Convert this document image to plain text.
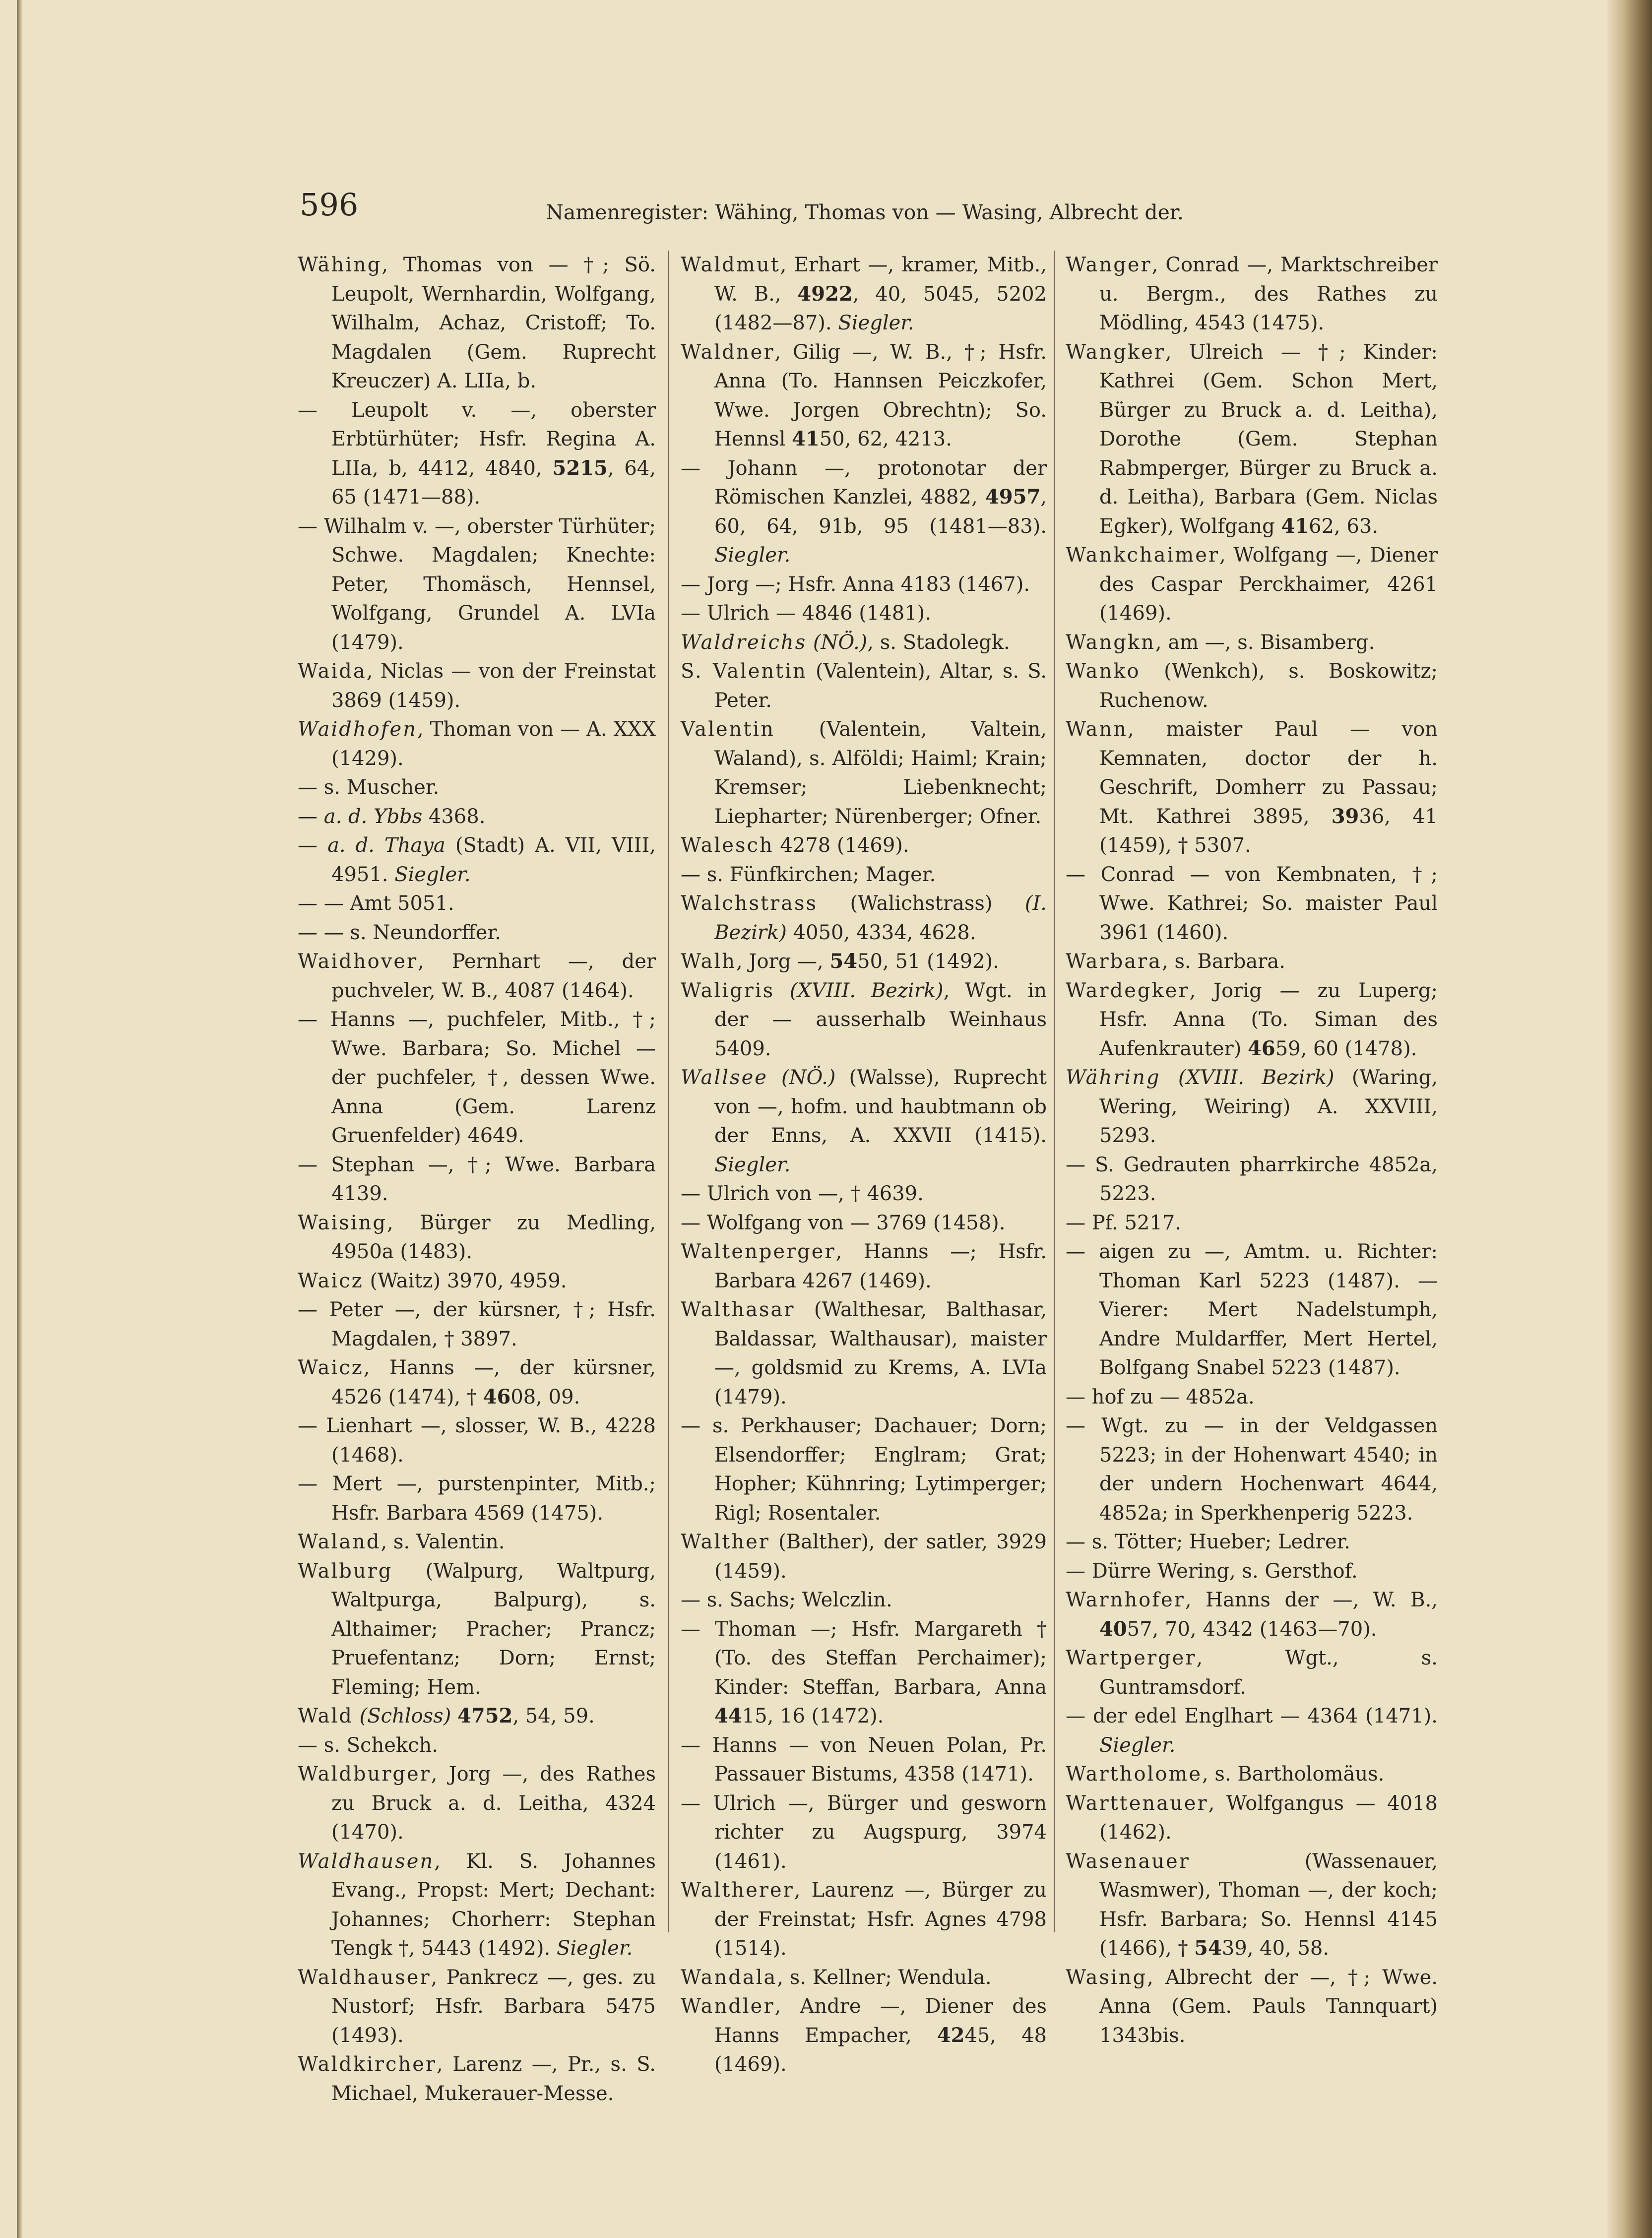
596	Namenregister: Wähing, Thomas von — Wasing, Albrecht der.

Wähing, Thomas von — †; Sö. Leupolt, Wernhardin, Wolfgang, Wilhalm, Achaz, Cristoff; To. Magdalen (Gem. Ruprecht Kreuczer) A. LIIa, b.

— Leupolt v. —, oberster Erbtürhüter; Hsfr. Regina A. LIIa, b, 4412, 4840, 5215, 64, 65 (1471—88).

— Wilhalm v. —, oberster Türhüter; Schwe. Magdalen; Knechte: Peter, Thomäsch, Hennsel, Wolfgang, Grundel A. LVIa (1479).

Waida, Niclas — von der Freinstat 3869 (1459).

Waidhofen, Thoman von — A. XXX (1429).

— s. Muscher.

— a. d. Ybbs 4368.

— a. d. Thaya (Stadt) A. VII, VIII, 4951. Siegler.

— — Amt 5051.

— — s. Neundorffer.

Waidhover, Pernhart —, der puchveler, W. B., 4087 (1464).

— Hanns —, puchfeler, Mitb., †; Wwe. Barbara; So. Michel — der puchfeler, †, dessen Wwe. Anna (Gem. Larenz Gruenfelder) 4649.

— Stephan —, †; Wwe. Barbara 4139.

Waising, Bürger zu Medling, 4950a (1483).

Waicz (Waitz) 3970, 4959.

— Peter —, der kürsner, †; Hsfr. Magdalen, † 3897.

Waicz, Hanns —, der kürsner, 4526 (1474), † 4608, 09.

— Lienhart —, slosser, W. B., 4228 (1468).

— Mert —, purstenpinter, Mitb.; Hsfr. Barbara 4569 (1475).

Waland, s. Valentin.

Walburg (Walpurg, Waltpurg, Waltpurga, Balpurg), s. Althaimer; Pracher; Prancz; Pruefentanz; Dorn; Ernst; Fleming; Hem.

Wald (Schloss) 4752, 54, 59.

— s. Schekch.

Waldburger, Jorg —, des Rathes zu Bruck a. d. Leitha, 4324 (1470).

Waldhausen, Kl. S. Johannes Evang., Propst: Mert; Dechant: Johannes; Chorherr: Stephan Tengk †, 5443 (1492). Siegler.

Waldhauser, Pankrecz —, ges. zu Nustorf; Hsfr. Barbara 5475 (1493).

Waldkircher, Larenz —, Pr., s. S. Michael, Mukerauer-Messe.

Waldmut, Erhart —, kramer, Mitb., W. B., 4922, 40, 5045, 5202 (1482—87). Siegler.

Waldner, Gilig —, W. B., †; Hsfr. Anna (To. Hannsen Peiczkofer, Wwe. Jorgen Obrechtn); So. Hennsl 4150, 62, 4213.

— Johann —, protonotar der Römischen Kanzlei, 4882, 4957, 60, 64, 91b, 95 (1481—83). Siegler.

— Jorg —; Hsfr. Anna 4183 (1467).

— Ulrich — 4846 (1481).

Waldreichs (NÖ.), s. Stadolegk.

S. Valentin (Valentein), Altar, s. S. Peter.

Valentin (Valentein, Valtein, Waland), s. Alföldi; Haiml; Krain; Kremser; Liebenknecht; Liepharter; Nürenberger; Ofner.

Walesch 4278 (1469).

— s. Fünfkirchen; Mager.

Walchstrass (Walichstrass) (I. Bezirk) 4050, 4334, 4628.

Walh, Jorg —, 5450, 51 (1492).

Waligris (XVIII. Bezirk), Wgt. in der — ausserhalb Weinhaus 5409.

Wallsee (NÖ.) (Walsse), Ruprecht von —, hofm. und haubtmann ob der Enns, A. XXVII (1415). Siegler.

— Ulrich von —, † 4639.

— Wolfgang von — 3769 (1458).

Waltenperger, Hanns —; Hsfr. Barbara 4267 (1469).

Walthasar (Walthesar, Balthasar, Baldassar, Walthausar), maister —, goldsmid zu Krems, A. LVIa (1479).

— s. Perkhauser; Dachauer; Dorn; Elsendorffer; Englram; Grat; Hopher; Kühnring; Lytimperger; Rigl; Rosentaler.

Walther (Balther), der satler, 3929 (1459).

— s. Sachs; Welczlin.

— Thoman —; Hsfr. Margareth † (To. des Steffan Perchaimer); Kinder: Steffan, Barbara, Anna 4415, 16 (1472).

— Hanns — von Neuen Polan, Pr. Passauer Bistums, 4358 (1471).

— Ulrich —, Bürger und gesworn richter zu Augspurg, 3974 (1461).

Waltherer, Laurenz —, Bürger zu der Freinstat; Hsfr. Agnes 4798 (1514).

Wandala, s. Kellner; Wendula.

Wandler, Andre —, Diener des Hanns Empacher, 4245, 48 (1469).

Wanger, Conrad —, Marktschreiber u. Bergm., des Rathes zu Mödling, 4543 (1475).

Wangker, Ulreich — †; Kinder: Kathrei (Gem. Schon Mert, Bürger zu Bruck a. d. Leitha), Dorothe (Gem. Stephan Rabmperger, Bürger zu Bruck a. d. Leitha), Barbara (Gem. Niclas Egker), Wolfgang 4162, 63.

Wankchaimer, Wolfgang —, Diener des Caspar Perckhaimer, 4261 (1469).

Wangkn, am —, s. Bisamberg.

Wanko (Wenkch), s. Boskowitz; Ruchenow.

Wann, maister Paul — von Kemnaten, doctor der h. Geschrift, Domherr zu Passau; Mt. Kathrei 3895, 3936, 41 (1459), † 5307.

— Conrad — von Kembnaten, †; Wwe. Kathrei; So. maister Paul 3961 (1460).

Warbara, s. Barbara.

Wardegker, Jorig — zu Luperg; Hsfr. Anna (To. Siman des Aufenkrauter) 4659, 60 (1478).

Währing (XVIII. Bezirk) (Waring, Wering, Weiring) A. XXVIII, 5293.

— S. Gedrauten pharrkirche 4852a, 5223.

— Pf. 5217.

— aigen zu —, Amtm. u. Richter: Thoman Karl 5223 (1487). — Vierer: Mert Nadelstumph, Andre Muldarffer, Mert Hertel, Bolfgang Snabel 5223 (1487).

— hof zu — 4852a.

— Wgt. zu — in der Veldgassen 5223; in der Hohenwart 4540; in der undern Hochenwart 4644, 4852a; in Sperkhenperig 5223.

— s. Tötter; Hueber; Ledrer.

— Dürre Wering, s. Gersthof.

Warnhofer, Hanns der —, W. B., 4057, 70, 4342 (1463—70).

Wartperger, Wgt., s. Guntramsdorf.

— der edel Englhart — 4364 (1471). Siegler.

Wartholome, s. Bartholomäus.

Warttenauer, Wolfgangus — 4018 (1462).

Wasenauer (Wassenauer, Wasmwer), Thoman —, der koch; Hsfr. Barbara; So. Hennsl 4145 (1466), † 5439, 40, 58.

Wasing, Albrecht der —, †; Wwe. Anna (Gem. Pauls Tannquart) 1343bis.
